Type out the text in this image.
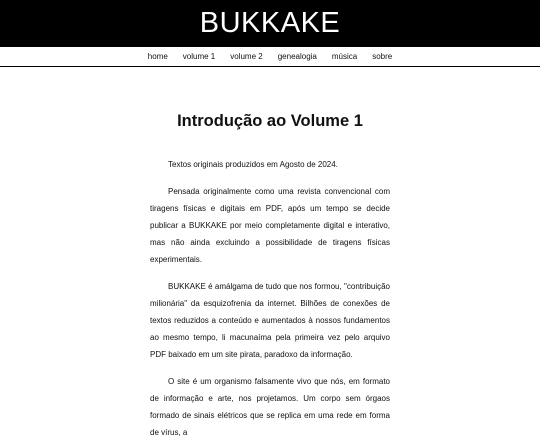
BUKKAKE
home volume 1 volume 2 genealogia música sobre
Introdução ao Volume 1

Textos originais produzidos em Agosto de 2024.

Pensada originalmente como uma revista convencional com tiragens físicas e digitais em PDF, após um tempo se decide publicar a BUKKAKE por meio completamente digital e interativo, mas não ainda excluindo a possibilidade de tiragens físicas experimentais.

BUKKAKE é amálgama de tudo que nos formou, "contribuição milionária" da esquizofrenia da internet. Bilhões de conexões de textos reduzidos a conteúdo e aumentados à nossos fundamentos ao mesmo tempo, li macunaíma pela primeira vez pelo arquivo PDF baixado em um site pirata, paradoxo da informação.

O site é um organismo falsamente vivo que nós, em formato de informação e arte, nos projetamos. Um corpo sem órgaos formado de sinais elétricos que se replica em uma rede em forma de vírus, a
